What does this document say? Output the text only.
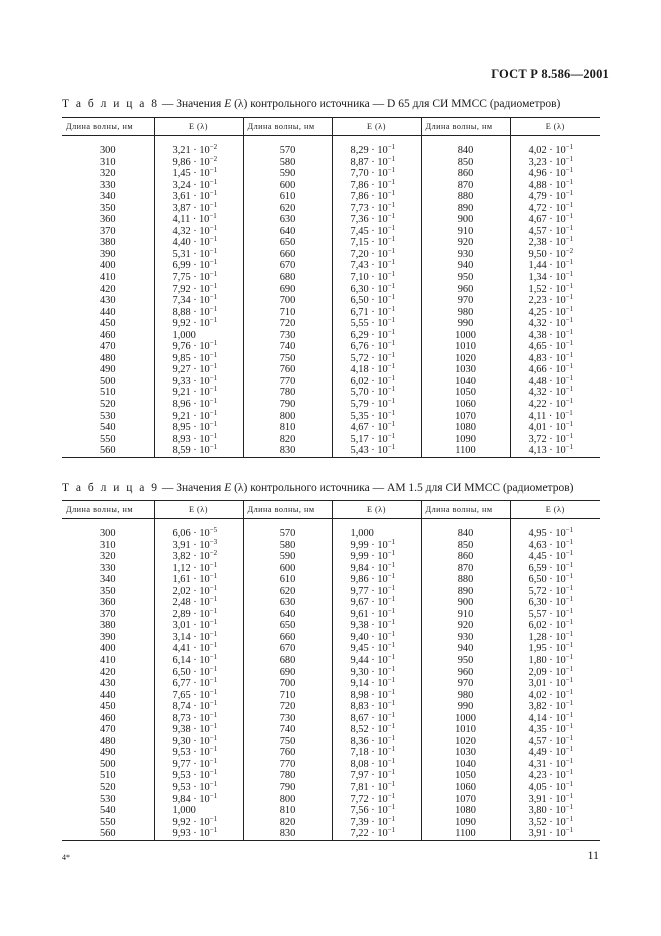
ГОСТ Р 8.586—2001
Т а б л и ц а 8 — Значения E (λ) контрольного источника — D 65 для СИ ММСС (радиометров)
Длина волны, нм	E (λ)	Длина волны, нм	E (λ)	Длина волны, нм	E (λ)

300	$3,21 \cdot 10^{-2}$	570	$8,29 \cdot 10^{-1}$	840	$4,02 \cdot 10^{-1}$
310	$9,86 \cdot 10^{-2}$	580	$8,87 \cdot 10^{-1}$	850	$3,23 \cdot 10^{-1}$
320	$1,45 \cdot 10^{-1}$	590	$7,70 \cdot 10^{-1}$	860	$4,96 \cdot 10^{-1}$
330	$3,24 \cdot 10^{-1}$	600	$7,86 \cdot 10^{-1}$	870	$4,88 \cdot 10^{-1}$
340	$3,61 \cdot 10^{-1}$	610	$7,86 \cdot 10^{-1}$	880	$4,79 \cdot 10^{-1}$
350	$3,87 \cdot 10^{-1}$	620	$7,73 \cdot 10^{-1}$	890	$4,72 \cdot 10^{-1}$
360	$4,11 \cdot 10^{-1}$	630	$7,36 \cdot 10^{-1}$	900	$4,67 \cdot 10^{-1}$
370	$4,32 \cdot 10^{-1}$	640	$7,45 \cdot 10^{-1}$	910	$4,57 \cdot 10^{-1}$
380	$4,40 \cdot 10^{-1}$	650	$7,15 \cdot 10^{-1}$	920	$2,38 \cdot 10^{-1}$
390	$5,31 \cdot 10^{-1}$	660	$7,20 \cdot 10^{-1}$	930	$9,50 \cdot 10^{-2}$
400	$6,99 \cdot 10^{-1}$	670	$7,43 \cdot 10^{-1}$	940	$1,44 \cdot 10^{-1}$
410	$7,75 \cdot 10^{-1}$	680	$7,10 \cdot 10^{-1}$	950	$1,34 \cdot 10^{-1}$
420	$7,92 \cdot 10^{-1}$	690	$6,30 \cdot 10^{-1}$	960	$1,52 \cdot 10^{-1}$
430	$7,34 \cdot 10^{-1}$	700	$6,50 \cdot 10^{-1}$	970	$2,23 \cdot 10^{-1}$
440	$8,88 \cdot 10^{-1}$	710	$6,71 \cdot 10^{-1}$	980	$4,25 \cdot 10^{-1}$
450	$9,92 \cdot 10^{-1}$	720	$5,55 \cdot 10^{-1}$	990	$4,32 \cdot 10^{-1}$
460	1,000	730	$6,29 \cdot 10^{-1}$	1000	$4,38 \cdot 10^{-1}$
470	$9,76 \cdot 10^{-1}$	740	$6,76 \cdot 10^{-1}$	1010	$4,65 \cdot 10^{-1}$
480	$9,85 \cdot 10^{-1}$	750	$5,72 \cdot 10^{-1}$	1020	$4,83 \cdot 10^{-1}$
490	$9,27 \cdot 10^{-1}$	760	$4,18 \cdot 10^{-1}$	1030	$4,66 \cdot 10^{-1}$
500	$9,33 \cdot 10^{-1}$	770	$6,02 \cdot 10^{-1}$	1040	$4,48 \cdot 10^{-1}$
510	$9,21 \cdot 10^{-1}$	780	$5,70 \cdot 10^{-1}$	1050	$4,32 \cdot 10^{-1}$
520	$8,96 \cdot 10^{-1}$	790	$5,79 \cdot 10^{-1}$	1060	$4,22 \cdot 10^{-1}$
530	$9,21 \cdot 10^{-1}$	800	$5,35 \cdot 10^{-1}$	1070	$4,11 \cdot 10^{-1}$
540	$8,95 \cdot 10^{-1}$	810	$4,67 \cdot 10^{-1}$	1080	$4,01 \cdot 10^{-1}$
550	$8,93 \cdot 10^{-1}$	820	$5,17 \cdot 10^{-1}$	1090	$3,72 \cdot 10^{-1}$
560	$8,59 \cdot 10^{-1}$	830	$5,43 \cdot 10^{-1}$	1100	$4,13 \cdot 10^{-1}$
Т а б л и ц а 9 — Значения E (λ) контрольного источника — АМ 1.5 для СИ ММСС (радиометров)
Длина волны, нм	E (λ)	Длина волны, нм	E (λ)	Длина волны, нм	E (λ)

300	$6,06 \cdot 10^{-5}$	570	1,000	840	$4,95 \cdot 10^{-1}$
310	$3,91 \cdot 10^{-3}$	580	$9,99 \cdot 10^{-1}$	850	$4,63 \cdot 10^{-1}$
320	$3,82 \cdot 10^{-2}$	590	$9,99 \cdot 10^{-1}$	860	$4,45 \cdot 10^{-1}$
330	$1,12 \cdot 10^{-1}$	600	$9,84 \cdot 10^{-1}$	870	$6,59 \cdot 10^{-1}$
340	$1,61 \cdot 10^{-1}$	610	$9,86 \cdot 10^{-1}$	880	$6,50 \cdot 10^{-1}$
350	$2,02 \cdot 10^{-1}$	620	$9,77 \cdot 10^{-1}$	890	$5,72 \cdot 10^{-1}$
360	$2,48 \cdot 10^{-1}$	630	$9,67 \cdot 10^{-1}$	900	$6,30 \cdot 10^{-1}$
370	$2,89 \cdot 10^{-1}$	640	$9,61 \cdot 10^{-1}$	910	$5,57 \cdot 10^{-1}$
380	$3,01 \cdot 10^{-1}$	650	$9,38 \cdot 10^{-1}$	920	$6,02 \cdot 10^{-1}$
390	$3,14 \cdot 10^{-1}$	660	$9,40 \cdot 10^{-1}$	930	$1,28 \cdot 10^{-1}$
400	$4,41 \cdot 10^{-1}$	670	$9,45 \cdot 10^{-1}$	940	$1,95 \cdot 10^{-1}$
410	$6,14 \cdot 10^{-1}$	680	$9,44 \cdot 10^{-1}$	950	$1,80 \cdot 10^{-1}$
420	$6,50 \cdot 10^{-1}$	690	$9,30 \cdot 10^{-1}$	960	$2,09 \cdot 10^{-1}$
430	$6,77 \cdot 10^{-1}$	700	$9,14 \cdot 10^{-1}$	970	$3,01 \cdot 10^{-1}$
440	$7,65 \cdot 10^{-1}$	710	$8,98 \cdot 10^{-1}$	980	$4,02 \cdot 10^{-1}$
450	$8,74 \cdot 10^{-1}$	720	$8,83 \cdot 10^{-1}$	990	$3,82 \cdot 10^{-1}$
460	$8,73 \cdot 10^{-1}$	730	$8,67 \cdot 10^{-1}$	1000	$4,14 \cdot 10^{-1}$
470	$9,38 \cdot 10^{-1}$	740	$8,52 \cdot 10^{-1}$	1010	$4,35 \cdot 10^{-1}$
480	$9,30 \cdot 10^{-1}$	750	$8,36 \cdot 10^{-1}$	1020	$4,57 \cdot 10^{-1}$
490	$9,53 \cdot 10^{-1}$	760	$7,18 \cdot 10^{-1}$	1030	$4,49 \cdot 10^{-1}$
500	$9,77 \cdot 10^{-1}$	770	$8,08 \cdot 10^{-1}$	1040	$4,31 \cdot 10^{-1}$
510	$9,53 \cdot 10^{-1}$	780	$7,97 \cdot 10^{-1}$	1050	$4,23 \cdot 10^{-1}$
520	$9,53 \cdot 10^{-1}$	790	$7,81 \cdot 10^{-1}$	1060	$4,05 \cdot 10^{-1}$
530	$9,84 \cdot 10^{-1}$	800	$7,72 \cdot 10^{-1}$	1070	$3,91 \cdot 10^{-1}$
540	1,000	810	$7,56 \cdot 10^{-1}$	1080	$3,80 \cdot 10^{-1}$
550	$9,92 \cdot 10^{-1}$	820	$7,39 \cdot 10^{-1}$	1090	$3,52 \cdot 10^{-1}$
560	$9,93 \cdot 10^{-1}$	830	$7,22 \cdot 10^{-1}$	1100	$3,91 \cdot 10^{-1}$
4*	11
